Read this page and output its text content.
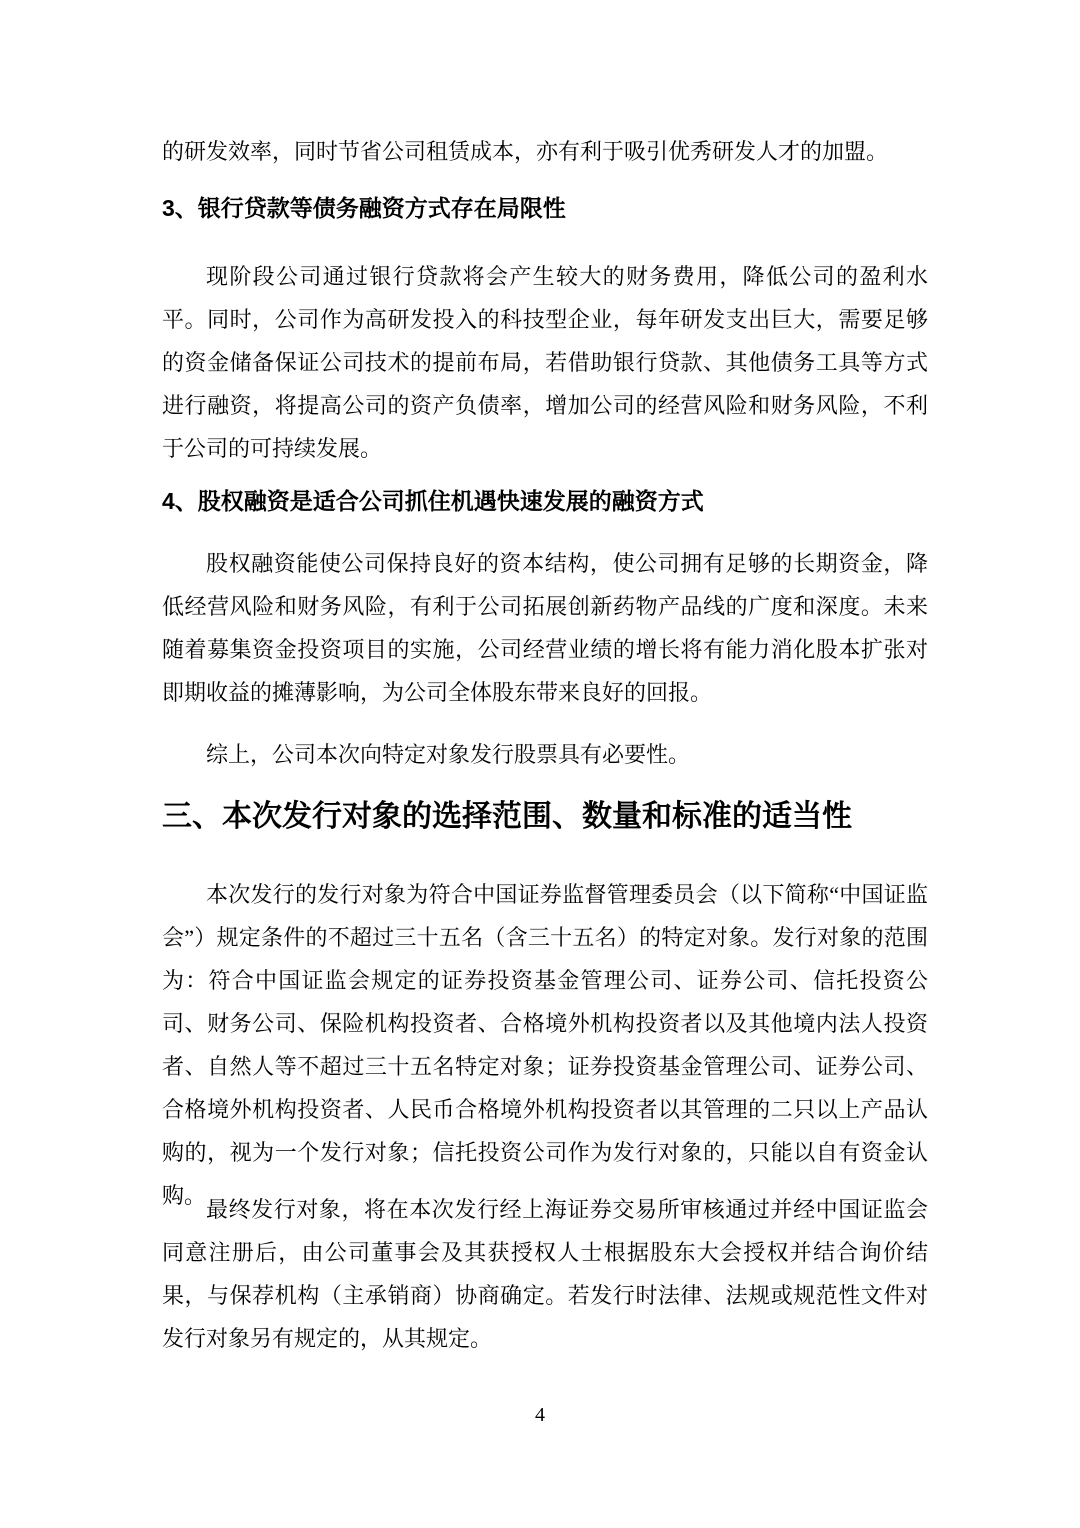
的研发效率，同时节省公司租赁成本，亦有利于吸引优秀研发人才的加盟。

3、银行贷款等债务融资方式存在局限性

现阶段公司通过银行贷款将会产生较大的财务费用，降低公司的盈利水平。同时，公司作为高研发投入的科技型企业，每年研发支出巨大，需要足够的资金储备保证公司技术的提前布局，若借助银行贷款、其他债务工具等方式进行融资，将提高公司的资产负债率，增加公司的经营风险和财务风险，不利于公司的可持续发展。

4、股权融资是适合公司抓住机遇快速发展的融资方式

股权融资能使公司保持良好的资本结构，使公司拥有足够的长期资金，降低经营风险和财务风险，有利于公司拓展创新药物产品线的广度和深度。未来随着募集资金投资项目的实施，公司经营业绩的增长将有能力消化股本扩张对即期收益的摊薄影响，为公司全体股东带来良好的回报。

综上，公司本次向特定对象发行股票具有必要性。

三、本次发行对象的选择范围、数量和标准的适当性

本次发行的发行对象为符合中国证券监督管理委员会（以下简称“中国证监会”）规定条件的不超过三十五名（含三十五名）的特定对象。发行对象的范围为：符合中国证监会规定的证券投资基金管理公司、证券公司、信托投资公司、财务公司、保险机构投资者、合格境外机构投资者以及其他境内法人投资者、自然人等不超过三十五名特定对象；证券投资基金管理公司、证券公司、合格境外机构投资者、人民币合格境外机构投资者以其管理的二只以上产品认购的，视为一个发行对象；信托投资公司作为发行对象的，只能以自有资金认购。

最终发行对象，将在本次发行经上海证券交易所审核通过并经中国证监会同意注册后，由公司董事会及其获授权人士根据股东大会授权并结合询价结果，与保荐机构（主承销商）协商确定。若发行时法律、法规或规范性文件对发行对象另有规定的，从其规定。

4
